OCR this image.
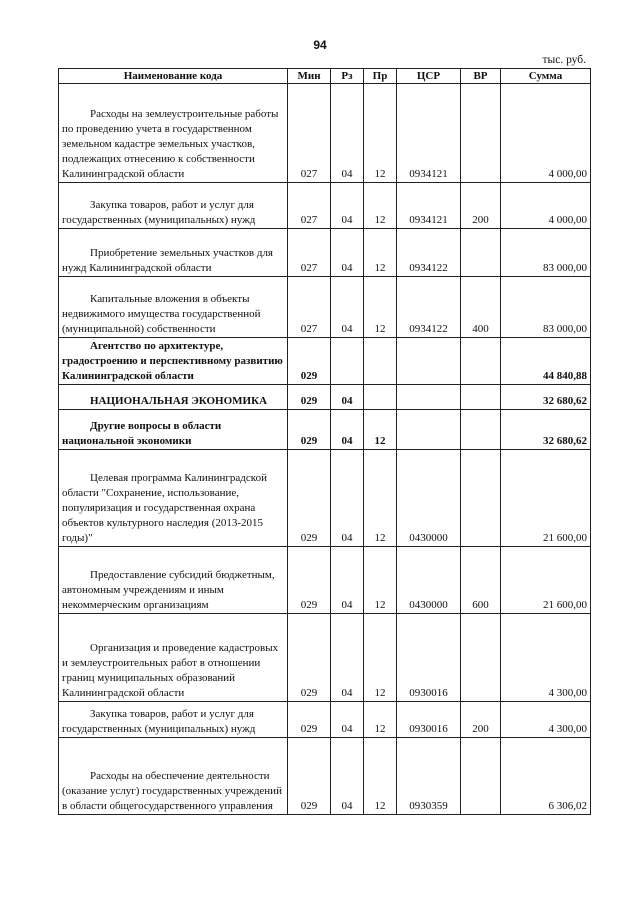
94
тыс. руб.
Наименование кода	Мин	Рз	Пр	ЦСР	ВР	Сумма
Расходы на землеустроительные работы по проведению учета в государственном земельном кадастре земельных участков, подлежащих отнесению к собственности Калининградской области	027	04	12	0934121		4 000,00
Закупка товаров, работ и услуг для государственных (муниципальных) нужд	027	04	12	0934121	200	4 000,00
Приобретение земельных участков для нужд Калининградской области	027	04	12	0934122		83 000,00
Капитальные вложения в объекты недвижимого имущества государственной (муниципальной) собственности	027	04	12	0934122	400	83 000,00
Агентство по архитектуре, градостроению и перспективному развитию Калининградской области	029					44 840,88
НАЦИОНАЛЬНАЯ ЭКОНОМИКА	029	04				32 680,62
Другие вопросы в области национальной экономики	029	04	12			32 680,62
Целевая программа Калининградской области "Сохранение, использование, популяризация и государственная охрана объектов культурного наследия (2013-2015 годы)"	029	04	12	0430000		21 600,00
Предоставление субсидий бюджетным, автономным учреждениям и иным некоммерческим организациям	029	04	12	0430000	600	21 600,00
Организация и проведение кадастровых и землеустроительных работ в отношении границ муниципальных образований Калининградской области	029	04	12	0930016		4 300,00
Закупка товаров, работ и услуг для государственных (муниципальных) нужд	029	04	12	0930016	200	4 300,00
Расходы на обеспечение деятельности (оказание услуг) государственных учреждений в области общегосударственного управления	029	04	12	0930359		6 306,02
